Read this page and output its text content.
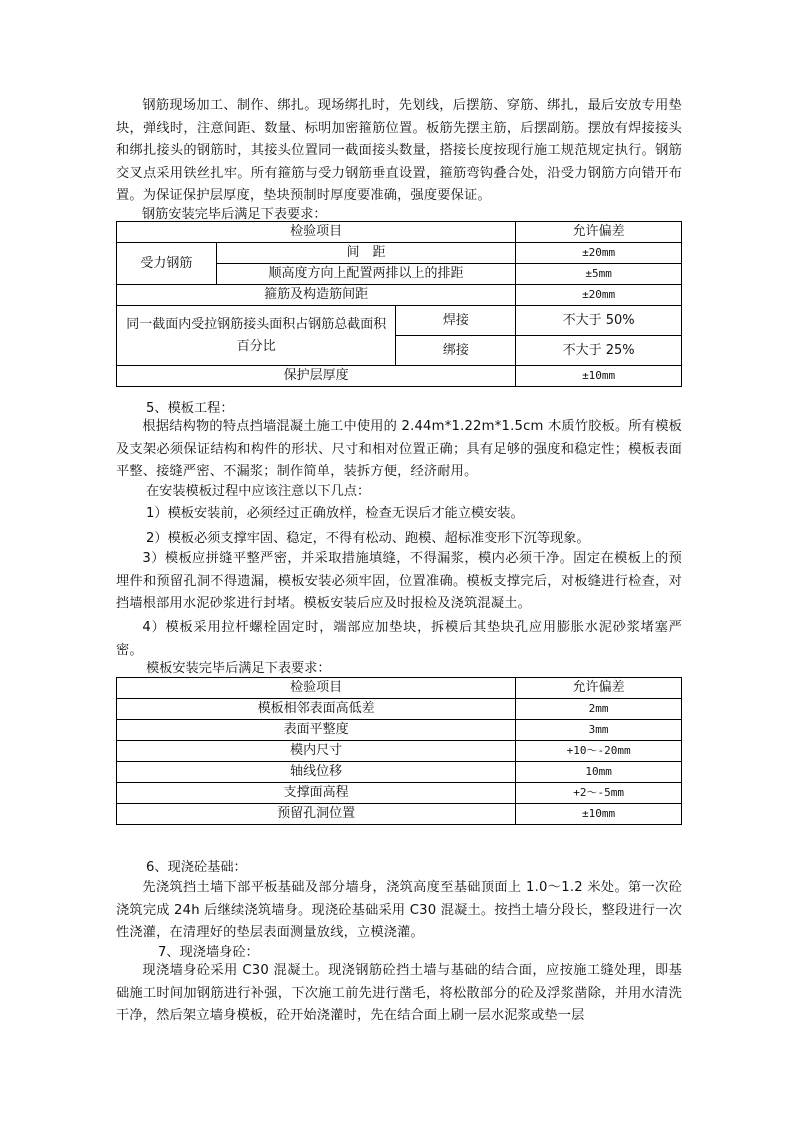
钢筋现场加工、制作、绑扎。现场绑扎时，先划线，后摆筋、穿筋、绑扎，最后安放专用垫块，弹线时，注意间距、数量、标明加密箍筋位置。板筋先摆主筋，后摆副筋。摆放有焊接接头和绑扎接头的钢筋时，其接头位置同一截面接头数量，搭接长度按现行施工规范规定执行。钢筋交叉点采用铁丝扎牢。所有箍筋与受力钢筋垂直设置，箍筋弯钩叠合处，沿受力钢筋方向错开布置。为保证保护层厚度，垫块预制时厚度要准确，强度要保证。

钢筋安装完毕后满足下表要求：
检验项目			允许偏差
受力钢筋	间　距		±20mm
	顺高度方向上配置两排以上的排距		±5mm
箍筋及构造筋间距			±20mm
同一截面内受拉钢筋接头面积占钢筋总截面积百分比		焊接	不大于 50%
		绑接	不大于 25%
保护层厚度			±10mm
5、模板工程：

根据结构物的特点挡墙混凝土施工中使用的 2.44m*1.22m*1.5cm 木质竹胶板。所有模板及支架必须保证结构和构件的形状、尺寸和相对位置正确；具有足够的强度和稳定性；模板表面平整、接缝严密、不漏浆；制作简单，装拆方便，经济耐用。

在安装模板过程中应该注意以下几点：
1）模板安装前，必须经过正确放样，检查无误后才能立模安装。
2）模板必须支撑牢固、稳定，不得有松动、跑模、超标准变形下沉等现象。

3）模板应拼缝平整严密，并采取措施填缝，不得漏浆，模内必须干净。固定在模板上的预埋件和预留孔洞不得遗漏，模板安装必须牢固，位置准确。模板支撑完后，对板缝进行检查，对挡墙根部用水泥砂浆进行封堵。模板安装后应及时报检及浇筑混凝土。

4）模板采用拉杆螺栓固定时，端部应加垫块，拆模后其垫块孔应用膨胀水泥砂浆堵塞严密。

模板安装完毕后满足下表要求：
检验项目	允许偏差
模板相邻表面高低差	2mm
表面平整度	3mm
模内尺寸	+10～-20mm
轴线位移	10mm
支撑面高程	+2～-5mm
预留孔洞位置	±10mm
6、现浇砼基础：

先浇筑挡土墙下部平板基础及部分墙身，浇筑高度至基础顶面上 1.0～1.2 米处。第一次砼浇筑完成 24h 后继续浇筑墙身。现浇砼基础采用 C30 混凝土。按挡土墙分段长，整段进行一次性浇灌，在清理好的垫层表面测量放线，立模浇灌。

7、现浇墙身砼：

现浇墙身砼采用 C30 混凝土。现浇钢筋砼挡土墙与基础的结合面，应按施工缝处理，即基础施工时间加钢筋进行补强，下次施工前先进行凿毛，将松散部分的砼及浮浆凿除，并用水清洗干净，然后架立墙身模板，砼开始浇灌时，先在结合面上刷一层水泥浆或垫一层
